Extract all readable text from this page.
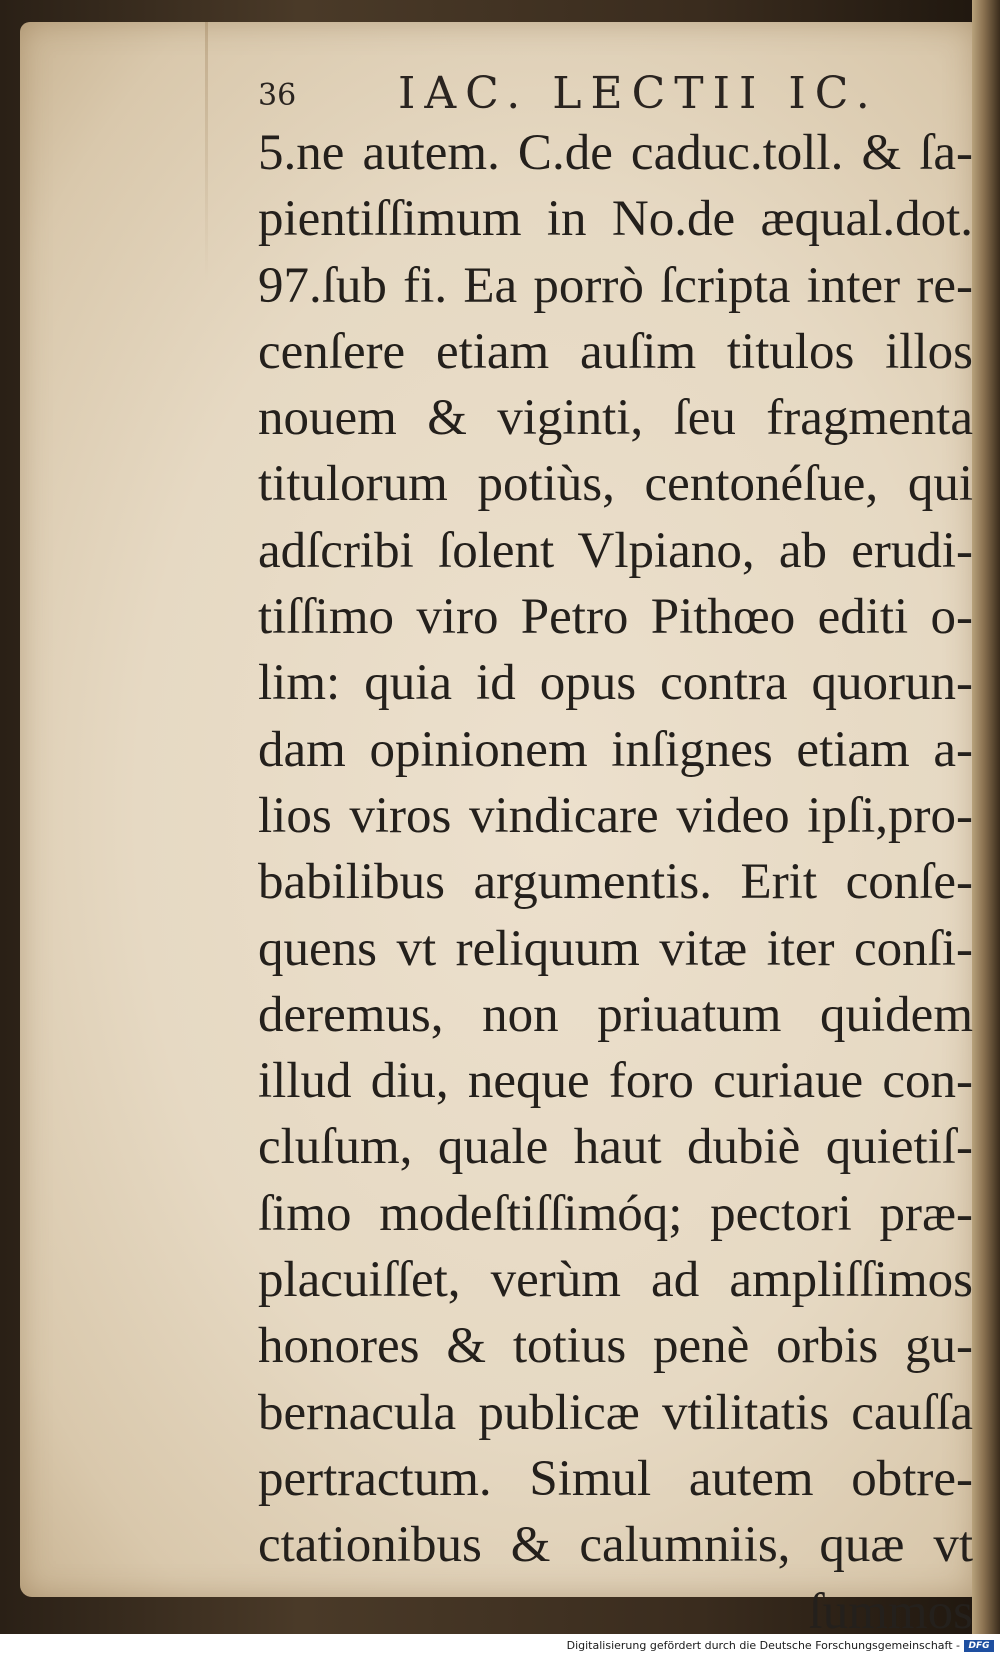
36 IAC. LECTII IC.
5.ne autem. C.de caduc.toll. & ſa-
pientiſſimum in No.de æqual.dot.
97.ſub fi. Ea porrò ſcripta inter re-
cenſere etiam auſim titulos illos
nouem & viginti, ſeu fragmenta
titulorum potiùs, centonéſue, qui
adſcribi ſolent Vlpiano, ab erudi-
tiſſimo viro Petro Pithœo editi o-
lim: quia id opus contra quorun-
dam opinionem inſignes etiam a-
lios viros vindicare video ipſi,pro-
babilibus argumentis. Erit conſe-
quens vt reliquum vitæ iter conſi-
deremus, non priuatum quidem
illud diu, neque foro curiaue con-
cluſum, quale haut dubiè quietiſ-
ſimo modeſtiſſimóq; pectori præ-
placuiſſet, verùm ad ampliſſimos
honores & totius penè orbis gu-
bernacula publicæ vtilitatis cauſſa
pertractum. Simul autem obtre-
ctationibus & calumniis, quæ vt
ſummos
Digitalisierung gefördert durch die Deutsche Forschungsgemeinschaft - DFG
